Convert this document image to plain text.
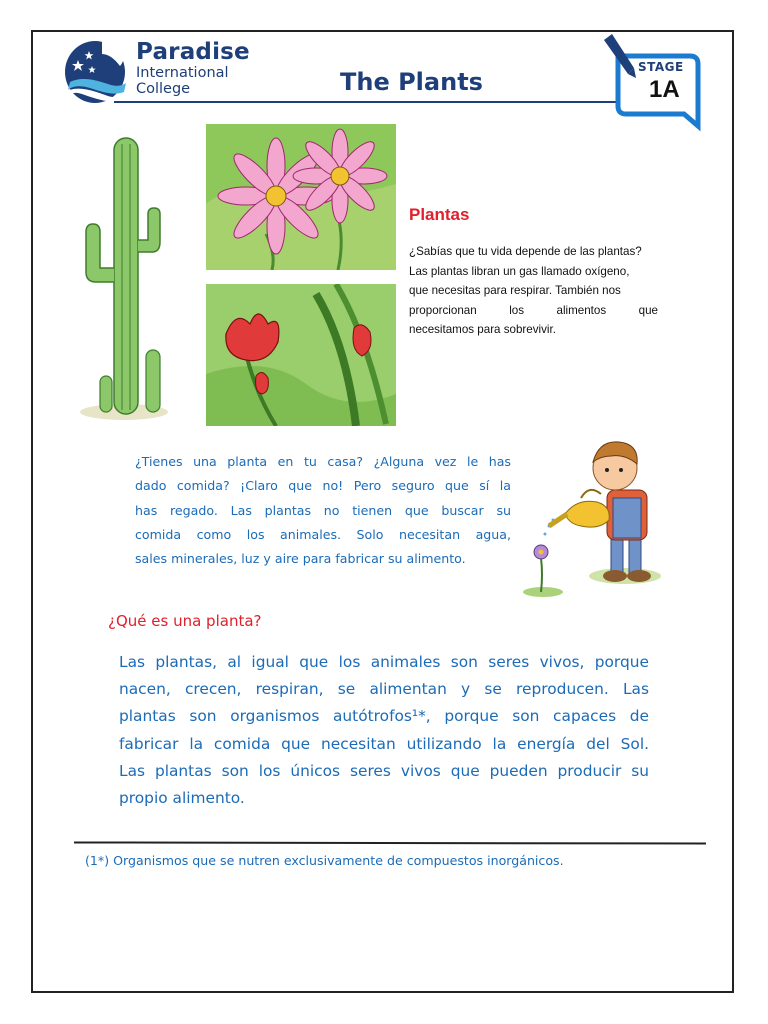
Paradise
International
College	The Plants
STAGE
1A
Plantas
¿Sabías que tu vida depende de las plantas?
Las plantas libran un gas llamado oxígeno,
que necesitas para respirar. También nos
proporcionan los alimentos que
necesitamos para sobrevivir.
¿Tienes una planta en tu casa? ¿Alguna vez le has
dado comida? ¡Claro que no! Pero seguro que sí la
has regado. Las plantas no tienen que buscar su
comida como los animales. Solo necesitan agua,
sales minerales, luz y aire para fabricar su alimento.
¿Qué es una planta?
Las plantas, al igual que los animales son seres vivos, porque
nacen, crecen, respiran, se alimentan y se reproducen. Las
plantas son organismos autótrofos¹*, porque son capaces de
fabricar la comida que necesitan utilizando la energía del Sol.
Las plantas son los únicos seres vivos que pueden producir su
propio alimento.
(1*) Organismos que se nutren exclusivamente de compuestos inorgánicos.
